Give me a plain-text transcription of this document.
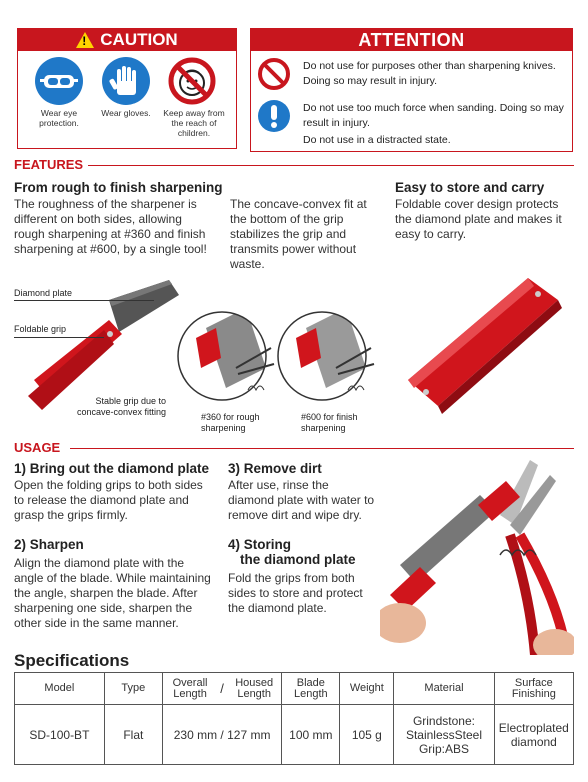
! CAUTION
Wear eye protection.
Wear gloves.	Keep away from the reach of children.
ATTENTION
Do not use for purposes other than sharpening knives. Doing so may result in injury.
Do not use too much force when sanding. Doing so may result in injury.
Do not use in a distracted state.
FEATURES
From rough to finish sharpening
The roughness of the sharpener is different on both sides, allowing rough sharpening at #360 and finish sharpening at #600, by a single tool!
The concave-convex fit at the bottom of the grip stabilizes the grip and transmits power without waste.
Easy to store and carry
Foldable cover design protects the diamond plate and makes it easy to carry.
Diamond plate
Foldable grip
Stable grip due to concave-convex fitting	#360 for rough sharpening
#600 for finish sharpening
USAGE
1) Bring out the diamond plate
Open the folding grips to both sides to release the diamond plate and grasp the grips firmly.
2) Sharpen
Align the diamond plate with the angle of the blade. While maintaining the angle, sharpen the blade. After sharpening one side, sharpen the other side in the same manner.
3) Remove dirt
After use, rinse the diamond plate with water to remove dirt and wipe dry.
4) Storing
the diamond plate
Fold the grips from both sides to store and protect the diamond plate.
Specifications
Model	Type	Overall Length / Housed Length	Blade Length	Weight	Material	Surface Finishing
SD-100-BT	Flat	230 mm / 127 mm	100 mm	105 g	Grindstone:
StainlessSteel
Grip:ABS	Electroplated diamond
